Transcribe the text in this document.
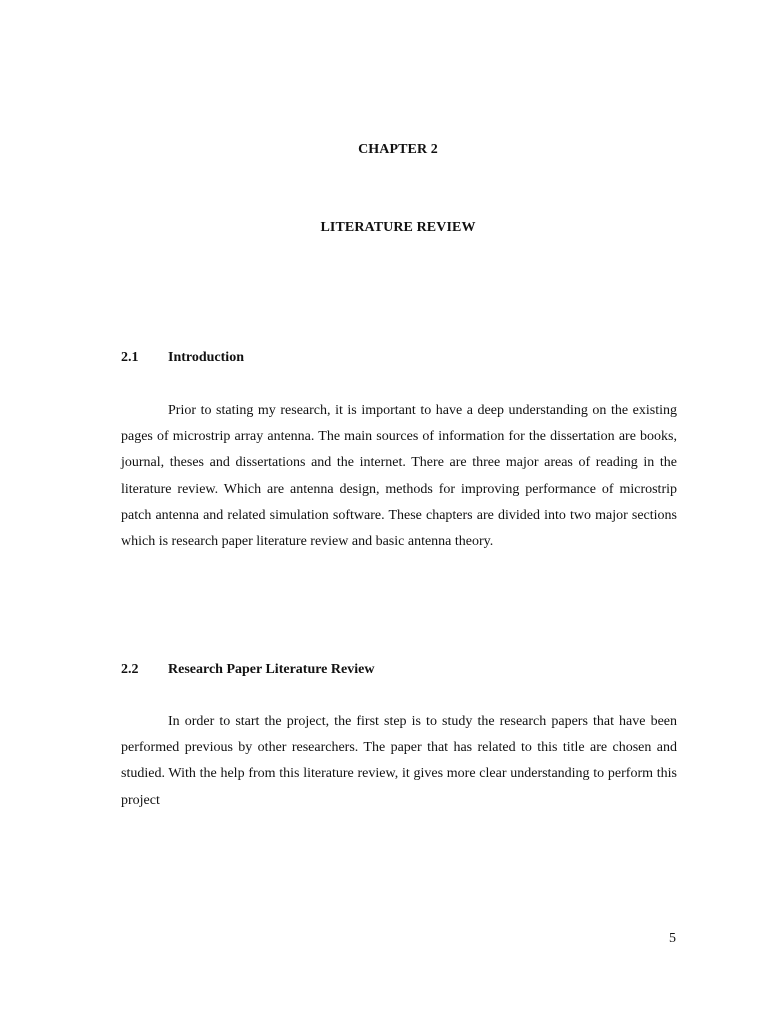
CHAPTER 2
LITERATURE REVIEW
2.1 Introduction

Prior to stating my research, it is important to have a deep understanding on the existing pages of microstrip array antenna. The main sources of information for the dissertation are books, journal, theses and dissertations and the internet. There are three major areas of reading in the literature review. Which are antenna design, methods for improving performance of microstrip patch antenna and related simulation software. These chapters are divided into two major sections which is research paper literature review and basic antenna theory.

2.2 Research Paper Literature Review

In order to start the project, the first step is to study the research papers that have been performed previous by other researchers. The paper that has related to this title are chosen and studied. With the help from this literature review, it gives more clear understanding to perform this project

5
